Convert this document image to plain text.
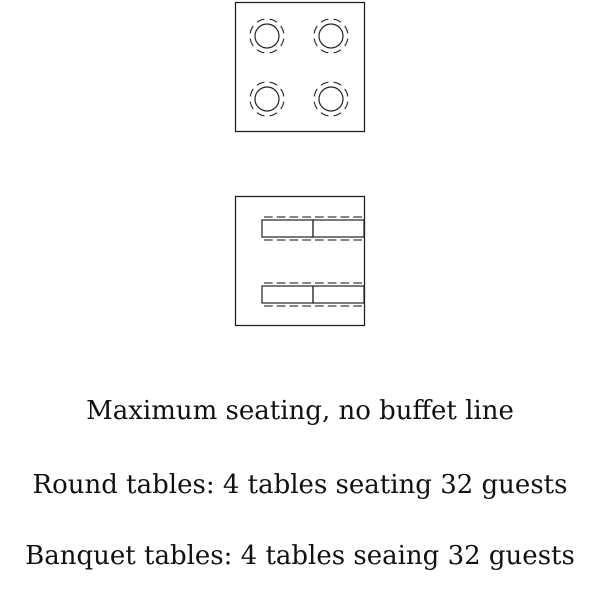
Maximum seating, no buffet line
Round tables: 4 tables seating 32 guests
Banquet tables: 4 tables seaing 32 guests
